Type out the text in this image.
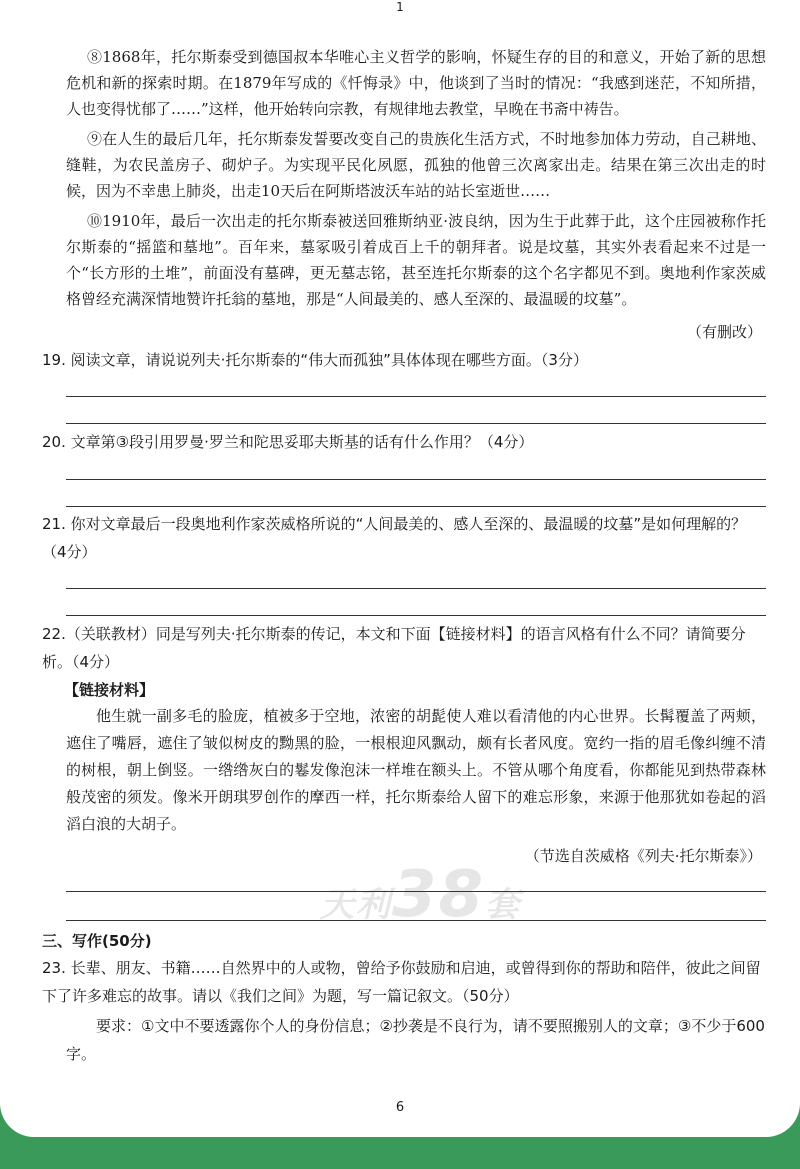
1

⑧1868年，托尔斯泰受到德国叔本华唯心主义哲学的影响，怀疑生存的目的和意义，开始了新的思想危机和新的探索时期。在1879年写成的《忏悔录》中，他谈到了当时的情况：“我感到迷茫，不知所措，人也变得忧郁了……”这样，他开始转向宗教，有规律地去教堂，早晚在书斋中祷告。

⑨在人生的最后几年，托尔斯泰发誓要改变自己的贵族化生活方式，不时地参加体力劳动，自己耕地、缝鞋，为农民盖房子、砌炉子。为实现平民化夙愿，孤独的他曾三次离家出走。结果在第三次出走的时候，因为不幸患上肺炎，出走10天后在阿斯塔波沃车站的站长室逝世……

⑩1910年，最后一次出走的托尔斯泰被送回雅斯纳亚·波良纳，因为生于此葬于此，这个庄园被称作托尔斯泰的“摇篮和墓地”。百年来，墓冢吸引着成百上千的朝拜者。说是坟墓，其实外表看起来不过是一个“长方形的土堆”，前面没有墓碑，更无墓志铭，甚至连托尔斯泰的这个名字都见不到。奥地利作家茨威格曾经充满深情地赞许托翁的墓地，那是“人间最美的、感人至深的、最温暖的坟墓”。

（有删改）

19. 阅读文章，请说说列夫·托尔斯泰的“伟大而孤独”具体体现在哪些方面。（3分）

20. 文章第③段引用罗曼·罗兰和陀思妥耶夫斯基的话有什么作用？（4分）

21. 你对文章最后一段奥地利作家茨威格所说的“人间最美的、感人至深的、最温暖的坟墓”是如何理解的？（4分）

22.（关联教材）同是写列夫·托尔斯泰的传记，本文和下面【链接材料】的语言风格有什么不同？请简要分析。（4分）

【链接材料】

他生就一副多毛的脸庞，植被多于空地，浓密的胡髭使人难以看清他的内心世界。长髯覆盖了两颊，遮住了嘴唇，遮住了皱似树皮的黝黑的脸，一根根迎风飘动，颇有长者风度。宽约一指的眉毛像纠缠不清的树根，朝上倒竖。一绺绺灰白的鬈发像泡沫一样堆在额头上。不管从哪个角度看，你都能见到热带森林般茂密的须发。像米开朗琪罗创作的摩西一样，托尔斯泰给人留下的难忘形象，来源于他那犹如卷起的滔滔白浪的大胡子。

（节选自茨威格《列夫·托尔斯泰》）
天利38套
三、写作(50分)

23. 长辈、朋友、书籍……自然界中的人或物，曾给予你鼓励和启迪，或曾得到你的帮助和陪伴，彼此之间留下了许多难忘的故事。请以《我们之间》为题，写一篇记叙文。（50分）

要求：①文中不要透露你个人的身份信息；②抄袭是不良行为，请不要照搬别人的文章；③不少于600字。

6
